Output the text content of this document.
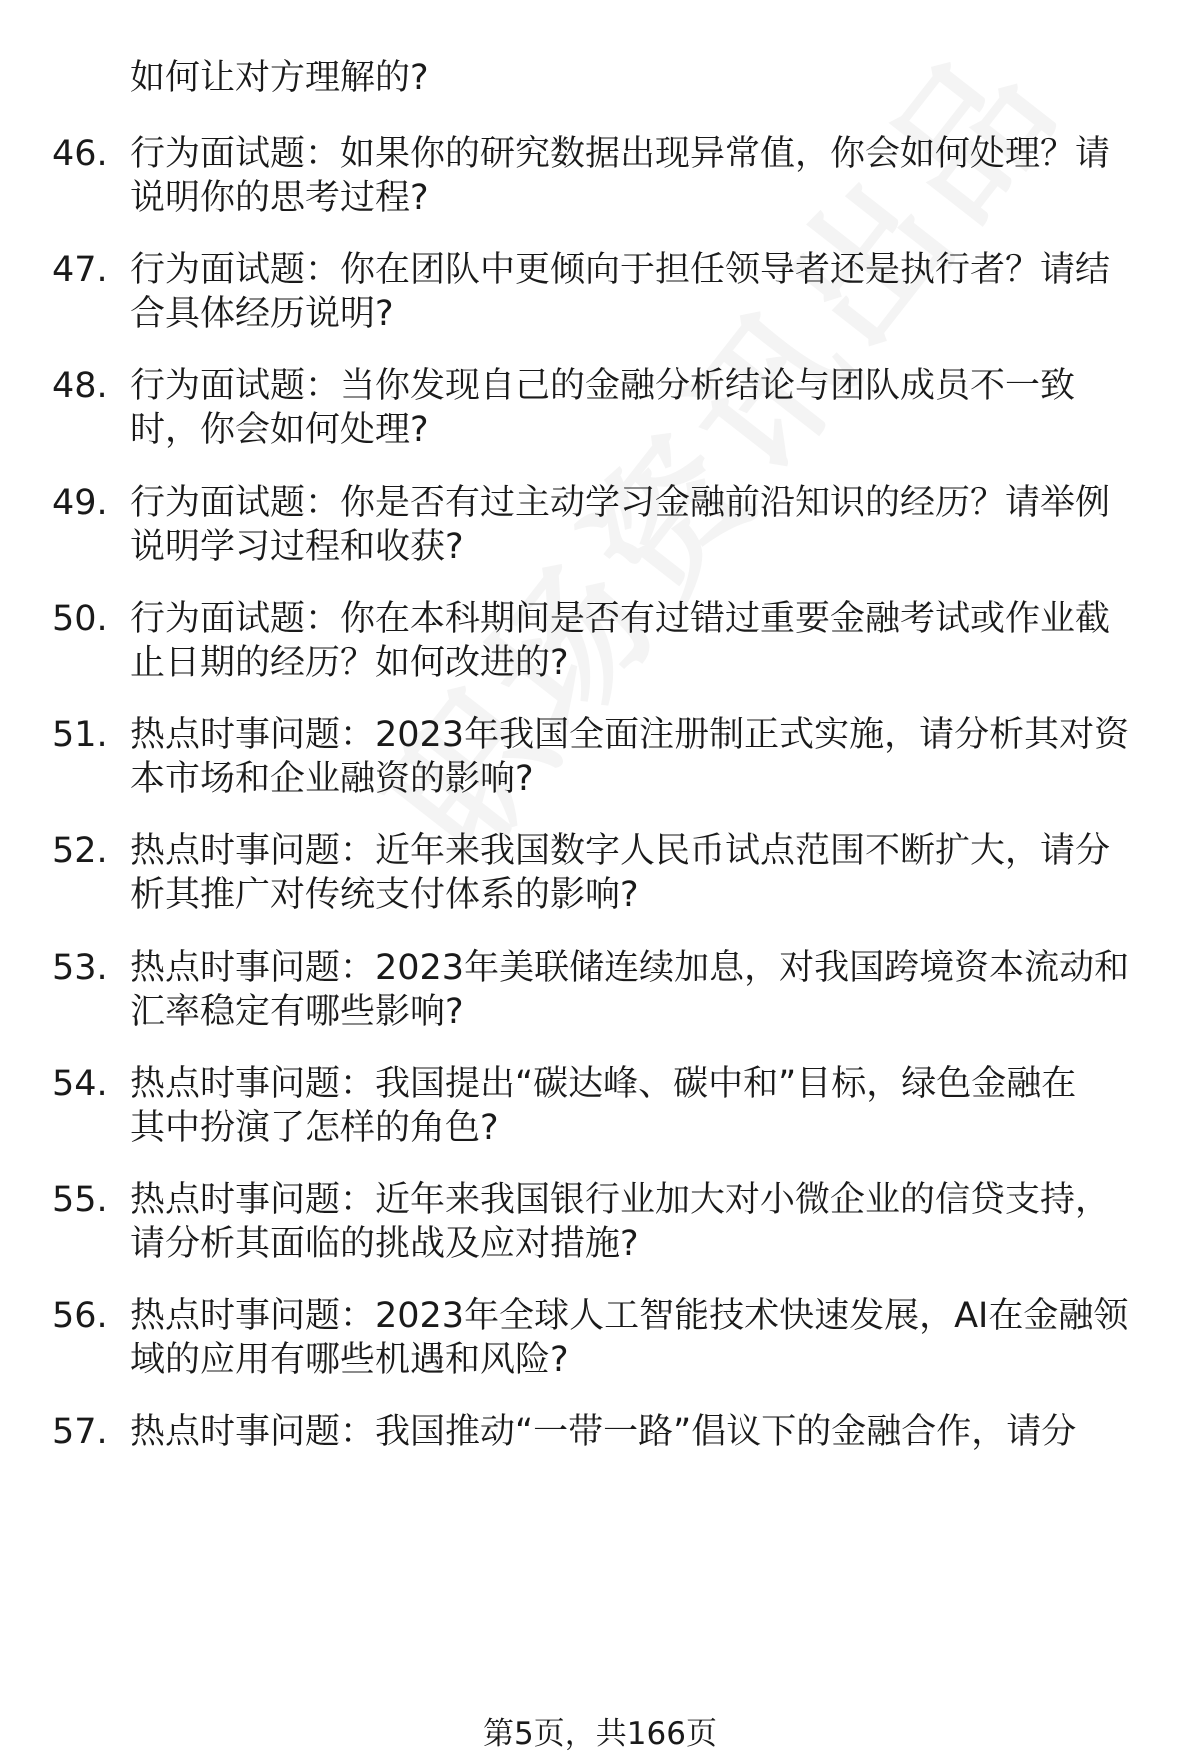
如何让对方理解的?
46. 行为面试题：如果你的研究数据出现异常值，你会如何处理？请
说明你的思考过程?
47. 行为面试题：你在团队中更倾向于担任领导者还是执行者？请结
合具体经历说明?
48. 行为面试题：当你发现自己的金融分析结论与团队成员不一致
时，你会如何处理?
49. 行为面试题：你是否有过主动学习金融前沿知识的经历？请举例
说明学习过程和收获?
50. 行为面试题：你在本科期间是否有过错过重要金融考试或作业截
止日期的经历？如何改进的?
51. 热点时事问题：2023年我国全面注册制正式实施，请分析其对资
本市场和企业融资的影响?
52. 热点时事问题：近年来我国数字人民币试点范围不断扩大，请分
析其推广对传统支付体系的影响?
53. 热点时事问题：2023年美联储连续加息，对我国跨境资本流动和
汇率稳定有哪些影响?
54. 热点时事问题：我国提出“碳达峰、碳中和”目标，绿色金融在
其中扮演了怎样的角色?
55. 热点时事问题：近年来我国银行业加大对小微企业的信贷支持，
请分析其面临的挑战及应对措施?
56. 热点时事问题：2023年全球人工智能技术快速发展，AI在金融领
域的应用有哪些机遇和风险?
57. 热点时事问题：我国推动“一带一路”倡议下的金融合作，请分
第5页，共166页
